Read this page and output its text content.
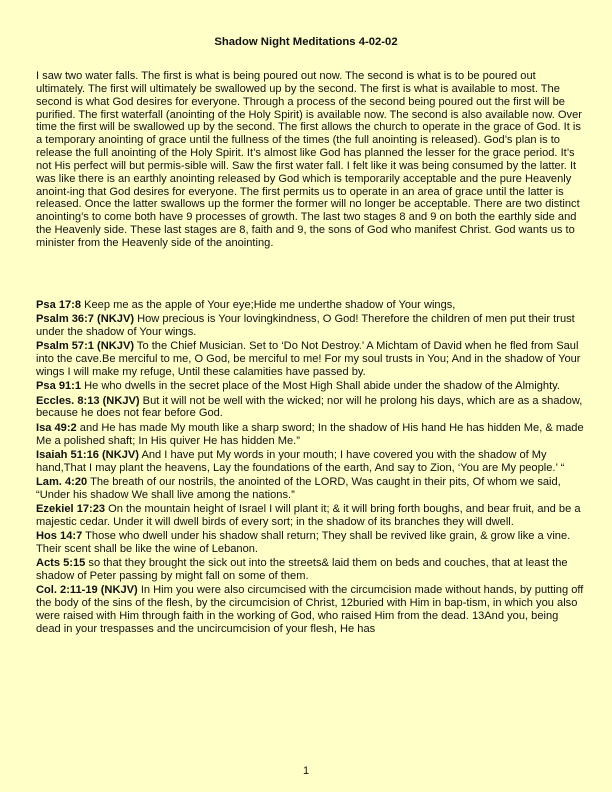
Shadow Night Meditations 4-02-02

I saw two water falls. The first is what is being poured out now. The second is what is to be poured out ultimately. The first will ultimately be swallowed up by the second. The first is what is available to most. The second is what God desires for everyone. Through a process of the second being poured out the first will be purified. The first waterfall (anointing of the Holy Spirit) is available now. The second is also available now. Over time the first will be swallowed up by the second. The first allows the church to operate in the grace of God. It is a temporary anointing of grace until the fullness of the times (the full anointing is released). God’s plan is to release the full anointing of the Holy Spirit. It’s almost like God has planned the lesser for the grace period. It’s not His perfect will but permis-sible will. Saw the first water fall. I felt like it was being consumed by the latter. It was like there is an earthly anointing released by God which is temporarily acceptable and the pure Heavenly anoint-ing that God desires for everyone. The first permits us to operate in an area of grace until the latter is released. Once the latter swallows up the former the former will no longer be acceptable. There are two distinct anointing’s to come both have 9 processes of growth. The last two stages 8 and 9 on both the earthly side and the Heavenly side. These last stages are 8, faith and 9, the sons of God who manifest Christ. God wants us to minister from the Heavenly side of the anointing.

Psa 17:8 Keep me as the apple of Your eye;Hide me underthe shadow of Your wings,

Psalm 36:7 (NKJV) How precious is Your lovingkindness, O God! Therefore the children of men put their trust under the shadow of Your wings.

Psalm 57:1 (NKJV) To the Chief Musician. Set to ‘Do Not Destroy.’ A Michtam of David when he fled from Saul into the cave.Be merciful to me, O God, be merciful to me! For my soul trusts in You; And in the shadow of Your wings I will make my refuge, Until these calamities have passed by.

Psa 91:1 He who dwells in the secret place of the Most High Shall abide under the shadow of the Almighty.

Eccles. 8:13 (NKJV) But it will not be well with the wicked; nor will he prolong his days, which are as a shadow, because he does not fear before God.

Isa 49:2 and He has made My mouth like a sharp sword; In the shadow of His hand He has hidden Me, & made Me a polished shaft; In His quiver He has hidden Me.”

Isaiah 51:16 (NKJV) And I have put My words in your mouth; I have covered you with the shadow of My hand,That I may plant the heavens, Lay the foundations of the earth, And say to Zion, ‘You are My people.’ “

Lam. 4:20 The breath of our nostrils, the anointed of the LORD, Was caught in their pits, Of whom we said, “Under his shadow We shall live among the nations.”

Ezekiel 17:23 On the mountain height of Israel I will plant it; & it will bring forth boughs, and bear fruit, and be a majestic cedar. Under it will dwell birds of every sort; in the shadow of its branches they will dwell.

Hos 14:7 Those who dwell under his shadow shall return; They shall be revived like grain, & grow like a vine. Their scent shall be like the wine of Lebanon.

Acts 5:15 so that they brought the sick out into the streets& laid them on beds and couches, that at least the shadow of Peter passing by might fall on some of them.

Col. 2:11-19 (NKJV) In Him you were also circumcised with the circumcision made without hands, by putting off the body of the sins of the flesh, by the circumcision of Christ, 12buried with Him in bap-tism, in which you also were raised with Him through faith in the working of God, who raised Him from the dead. 13And you, being dead in your trespasses and the uncircumcision of your flesh, He has

1
